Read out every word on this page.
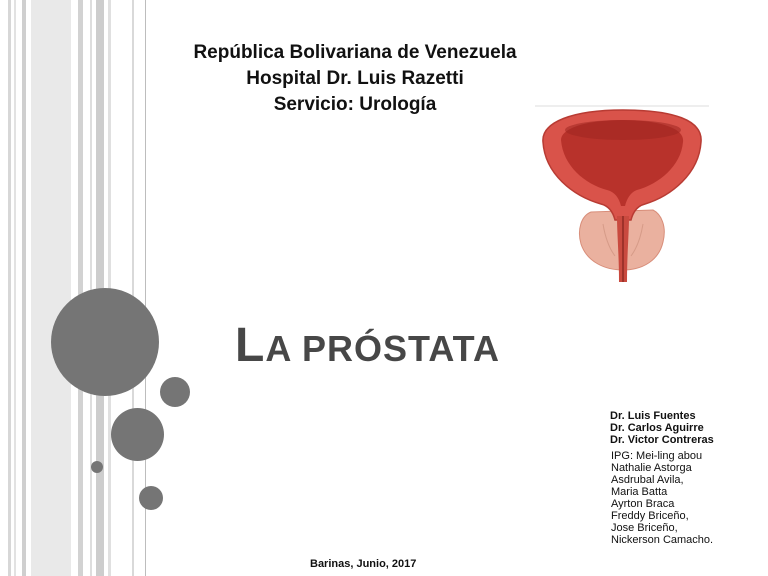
República Bolivariana de Venezuela
Hospital Dr. Luis Razetti
Servicio: Urología
LA PRÓSTATA
Dr. Luis Fuentes
Dr. Carlos Aguirre
Dr. Victor Contreras
IPG: Mei-ling abou
Nathalie Astorga
Asdrubal Avila,
Maria Batta
Ayrton Braca
Freddy Briceño,
Jose Briceño,
Nickerson Camacho.
Barinas, Junio, 2017
